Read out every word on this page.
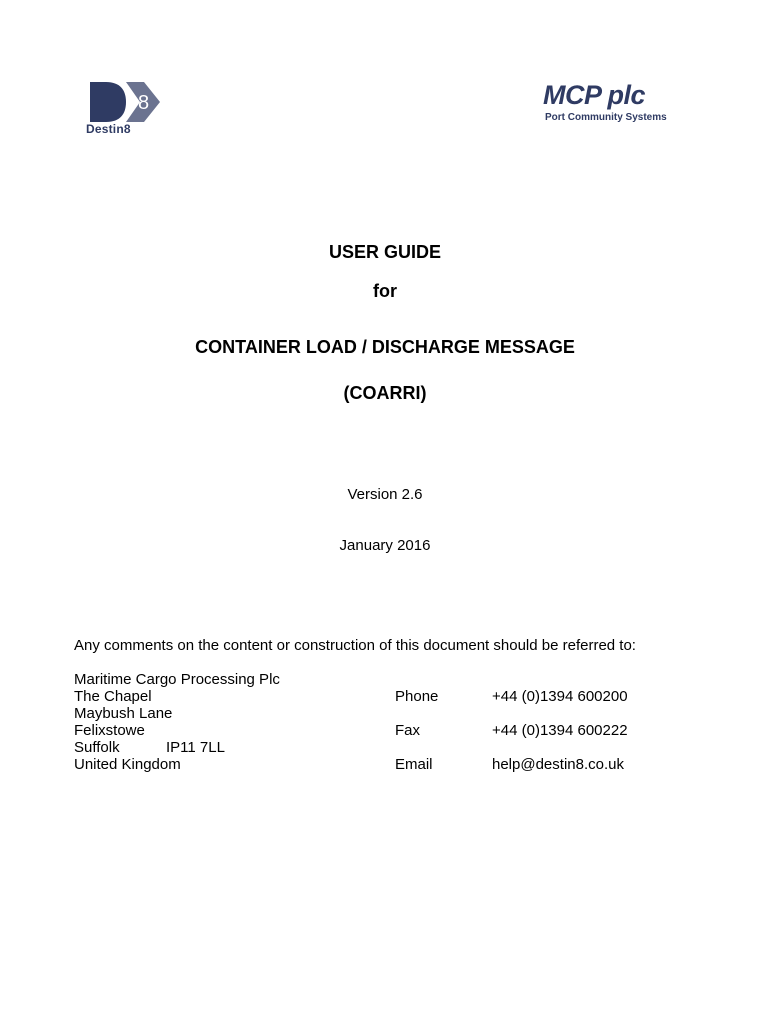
8
Destin8
MCP plc
Port Community Systems
USER GUIDE
for
CONTAINER LOAD / DISCHARGE MESSAGE
(COARRI)
Version 2.6
January 2016
Any comments on the content or construction of this document should be referred to:
Maritime Cargo Processing Plc
The Chapel
Maybush Lane
Felixstowe
Suffolk	IP11 7LL
United Kingdom
Phone	+44 (0)1394 600200
Fax	+44 (0)1394 600222
Email	help@destin8.co.uk
